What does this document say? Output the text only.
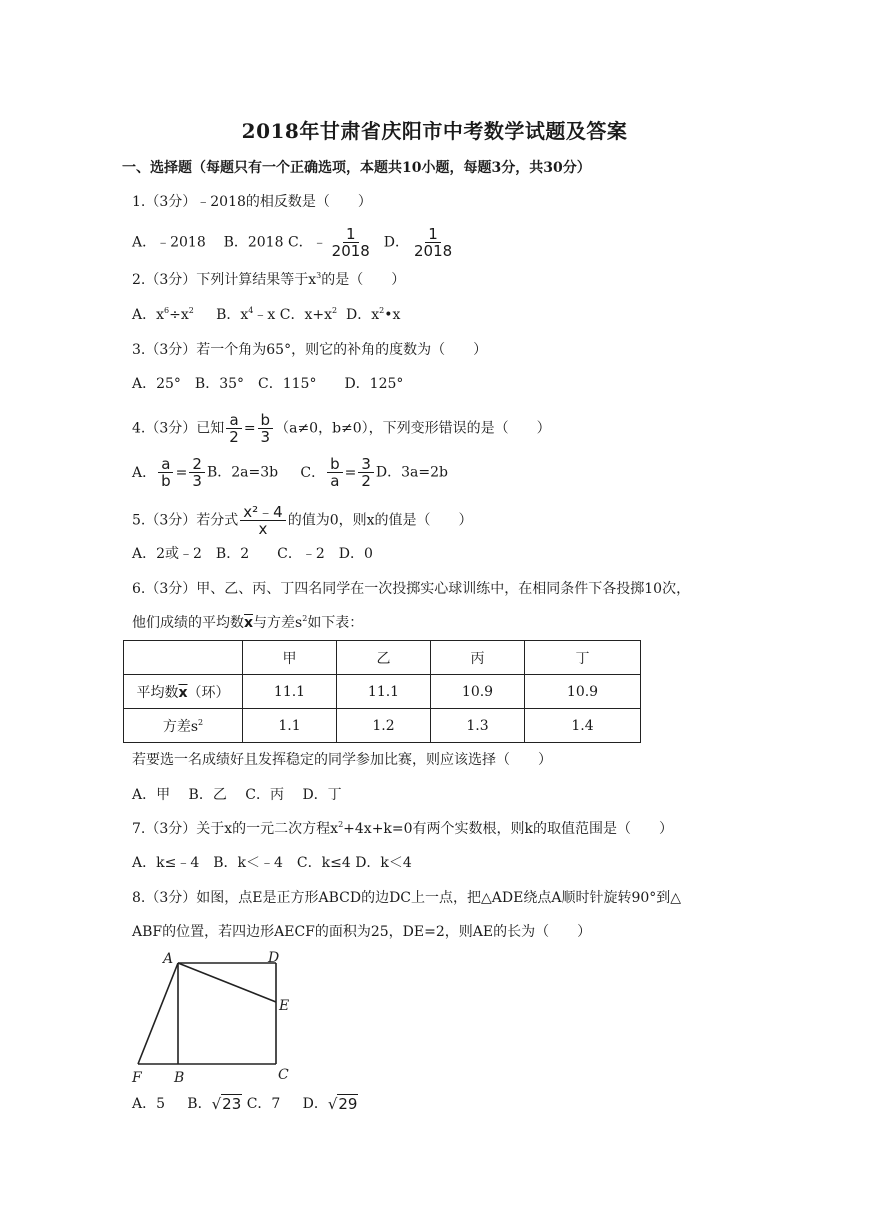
2018年甘肃省庆阳市中考数学试题及答案
一、选择题（每题只有一个正确选项，本题共10小题，每题3分，共30分）
1.（3分）﹣2018的相反数是（　　）
A．﹣2018 B．2018 C．﹣ $\frac{1}{2018}$ D． $\frac{1}{2018}$
2.（3分）下列计算结果等于$x^3$的是（　　）
A．$x^6\div x^2$ B．$x^4﹣x$ C．$x+x^2$ D．$x^2•x$
3.（3分）若一个角为65°，则它的补角的度数为（　　）
A．25°　B．35°　C．115°　　D．125°
4.（3分）已知 $\frac{a}{2} = \frac{b}{3} (a\ne 0$，b≠0），下列变形错误的是（　　）
A． $\frac{a}{b} = \frac{2}{3}$ B．2a=3b C． $\frac{b}{a} = \frac{3}{2}$ D．3a=2b
5.（3分）若分式 $\frac{\text{x²﹣4}}{x}$ 的值为0，则x的值是（　　）
A．2或﹣2　B．2　　C．﹣2　D．0
6.（3分）甲、乙、丙、丁四名同学在一次投掷实心球训练中，在相同条件下各投掷10次，
他们成绩的平均数$\overline{x}$与方差$s^2$如下表：
	甲	乙	丙	丁
平均数$\overline{x}$（环）	11.1	11.1	10.9	10.9
方差$s^2$	1.1	1.2	1.3	1.4
若要选一名成绩好且发挥稳定的同学参加比赛，则应该选择（　　）
A．甲　 B．乙　 C．丙　 D．丁
7.（3分）关于x的一元二次方程$x^2+4x+k=0$有两个实数根，则k的取值范围是（　　）
A．k≤﹣4　B．k＜﹣4　C．k≤4 D．k＜4
8.（3分）如图，点E是正方形ABCD的边DC上一点，把△ADE绕点A顺时针旋转90°到△
ABF的位置，若四边形AECF的面积为25，DE=2，则AE的长为（　　）
A	D
E
F B	C
A．5 B．√23 C．7 D．√29
